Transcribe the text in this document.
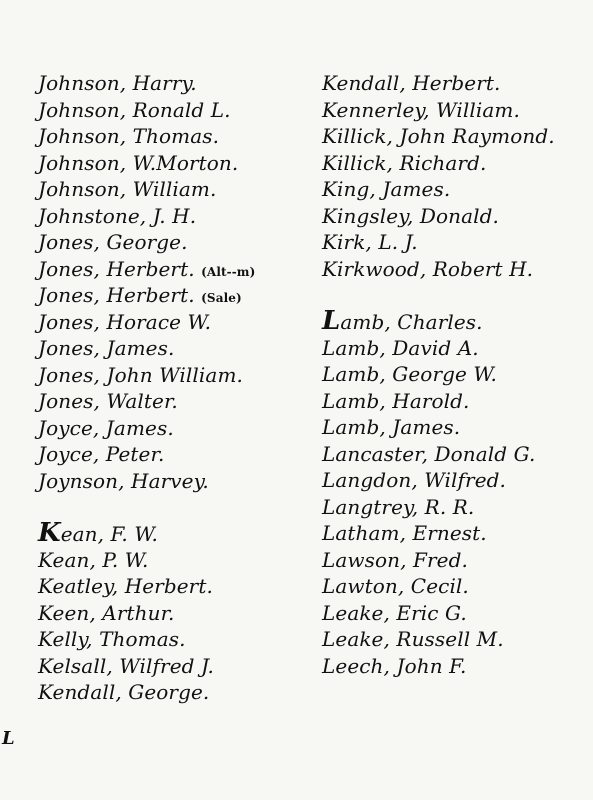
Johnson, Harry.
Johnson, Ronald L.
Johnson, Thomas.
Johnson, W.Morton.
Johnson, William.
Johnstone, J. H.
Jones, George.
Jones, Herbert. (Alt--m)
Jones, Herbert. (Sale)
Jones, Horace W.
Jones, James.
Jones, John William.
Jones, Walter.
Joyce, James.
Joyce, Peter.
Joynson, Harvey.
Kean, F. W.
Kean, P. W.
Keatley, Herbert.
Keen, Arthur.
Kelly, Thomas.
Kelsall, Wilfred J.
Kendall, George.
Kendall, Herbert.
Kennerley, William.
Killick, John Raymond.
Killick, Richard.
King, James.
Kingsley, Donald.
Kirk, L. J.
Kirkwood, Robert H.
Lamb, Charles.
Lamb, David A.
Lamb, George W.
Lamb, Harold.
Lamb, James.
Lancaster, Donald G.
Langdon, Wilfred.
Langtrey, R. R.
Latham, Ernest.
Lawson, Fred.
Lawton, Cecil.
Leake, Eric G.
Leake, Russell M.
Leech, John F.
L
